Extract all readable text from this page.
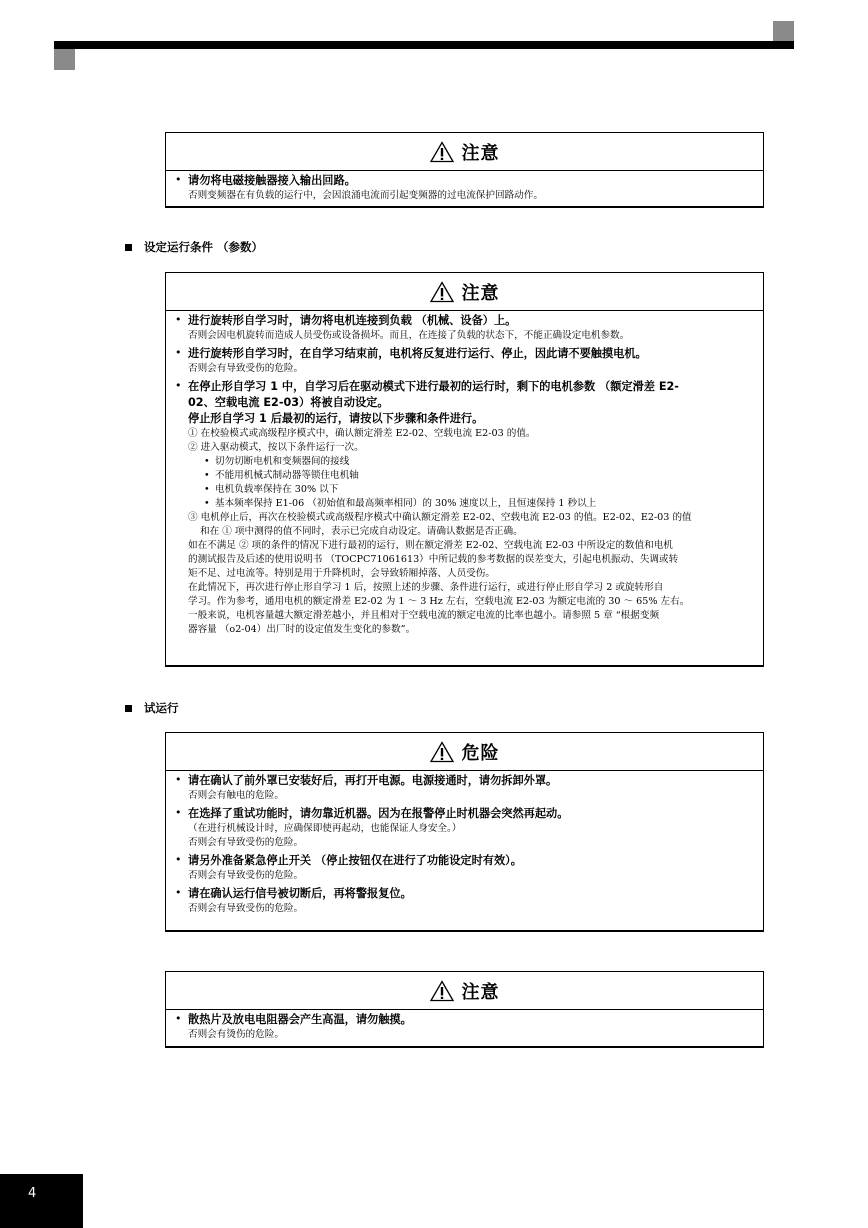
注意
• 请勿将电磁接触器接入输出回路。
否则变频器在有负载的运行中，会因浪涌电流而引起变频器的过电流保护回路动作。
设定运行条件 （参数）
注意
• 进行旋转形自学习时，请勿将电机连接到负载 （机械、设备）上。
否则会因电机旋转而造成人员受伤或设备损坏。而且，在连接了负载的状态下，不能正确设定电机参数。
• 进行旋转形自学习时，在自学习结束前，电机将反复进行运行、停止，因此请不要触摸电机。
否则会有导致受伤的危险。
• 在停止形自学习 1 中，自学习后在驱动模式下进行最初的运行时，剩下的电机参数 （额定滑差 E2-
02、空载电流 E2-03）将被自动设定。
停止形自学习 1 后最初的运行，请按以下步骤和条件进行。
① 在校验模式或高级程序模式中，确认额定滑差 E2-02、空载电流 E2-03 的值。
② 进入驱动模式，按以下条件运行一次。
• 切勿切断电机和变频器间的接线
• 不能用机械式制动器等锁住电机轴
• 电机负载率保持在 30% 以下
• 基本频率保持 E1-06 （初始值和最高频率相同）的 30% 速度以上，且恒速保持 1 秒以上
③ 电机停止后，再次在校验模式或高级程序模式中确认额定滑差 E2-02、空载电流 E2-03 的值。E2-02、E2-03 的值
和在 ① 项中测得的值不同时，表示已完成自动设定。请确认数据是否正确。
如在不满足 ② 项的条件的情况下进行最初的运行，则在额定滑差 E2-02、空载电流 E2-03 中所设定的数值和电机
的测试报告及后述的使用说明书 （TOCPC71061613）中所记载的参考数据的误差变大，引起电机振动、失调或转
矩不足、过电流等。特别是用于升降机时，会导致轿厢掉落、人员受伤。
在此情况下，再次进行停止形自学习 1 后，按照上述的步骤、条件进行运行，或进行停止形自学习 2 或旋转形自
学习。作为参考，通用电机的额定滑差 E2-02 为 1 ～ 3 Hz 左右，空载电流 E2-03 为额定电流的 30 ～ 65% 左右。
一般来说，电机容量越大额定滑差越小，并且相对于空载电流的额定电流的比率也越小。请参照 5 章 “根据变频
器容量 （o2-04）出厂时的设定值发生变化的参数”。
试运行
危险
• 请在确认了前外罩已安装好后，再打开电源。电源接通时，请勿拆卸外罩。
否则会有触电的危险。
• 在选择了重试功能时，请勿靠近机器。因为在报警停止时机器会突然再起动。
（在进行机械设计时，应确保即使再起动，也能保证人身安全。）
否则会有导致受伤的危险。
• 请另外准备紧急停止开关 （停止按钮仅在进行了功能设定时有效）。
否则会有导致受伤的危险。
• 请在确认运行信号被切断后，再将警报复位。
否则会有导致受伤的危险。
注意
• 散热片及放电电阻器会产生高温，请勿触摸。
否则会有烫伤的危险。
4
